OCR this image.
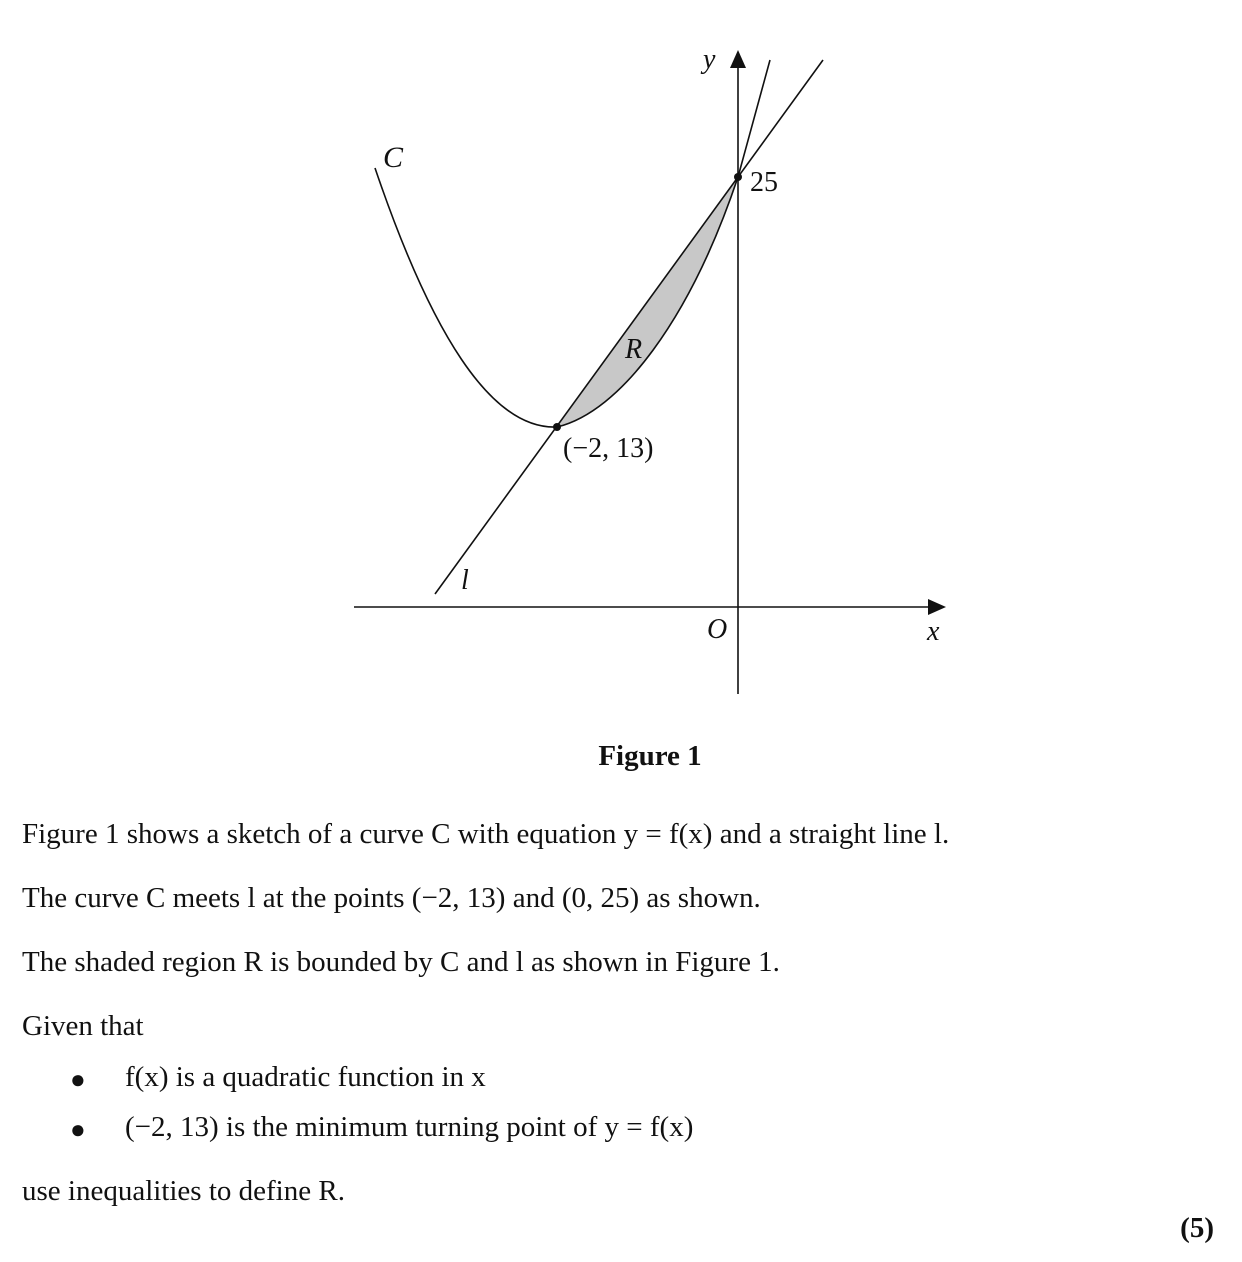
C
R
l
25
(−2, 13)
O	x
y
Figure 1
Figure 1 shows a sketch of a curve C with equation y = f(x) and a straight line l.
The curve C meets l at the points (−2, 13) and (0, 25) as shown.
The shaded region R is bounded by C and l as shown in Figure 1.
Given that
● f(x) is a quadratic function in x
● (−2, 13) is the minimum turning point of y = f(x)
use inequalities to define R.
(5)
